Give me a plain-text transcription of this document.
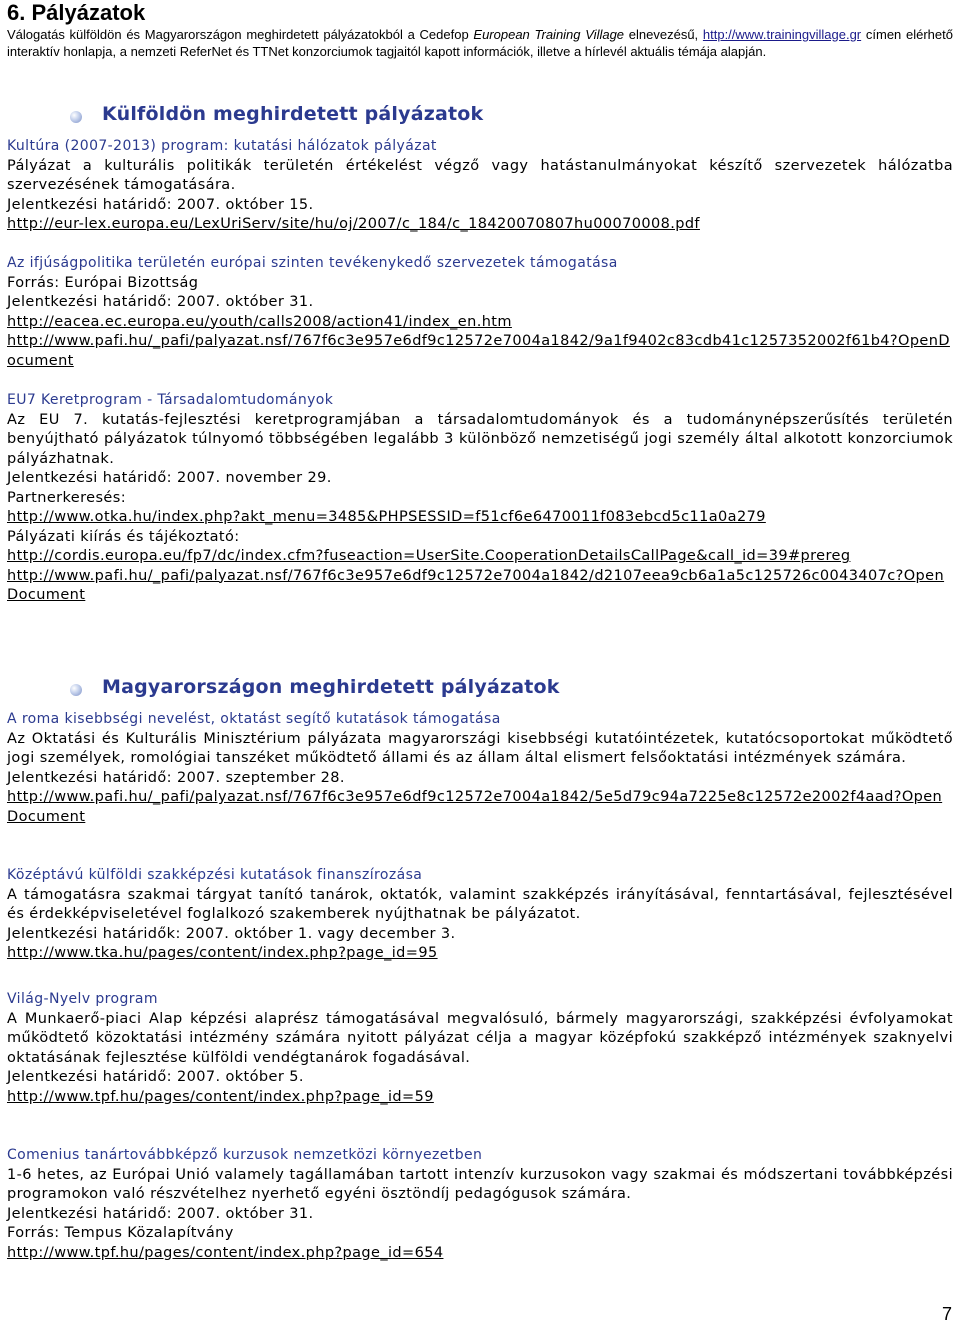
6. Pályázatok
Válogatás külföldön és Magyarországon meghirdetett pályázatokból a Cedefop European Training Village elnevezésű, http://www.trainingvillage.gr címen elérhető interaktív honlapja, a nemzeti ReferNet és TTNet konzorciumok tagjaitól kapott információk, illetve a hírlevél aktuális témája alapján.
Külföldön meghirdetett pályázatok

Kultúra (2007-2013) program: kutatási hálózatok pályázat

Pályázat a kulturális politikák területén értékelést végző vagy hatástanulmányokat készítő szervezetek hálózatba szervezésének támogatására.

Jelentkezési határidő: 2007. október 15.

http://eur-lex.europa.eu/LexUriServ/site/hu/oj/2007/c_184/c_18420070807hu00070008.pdf

Az ifjúságpolitika területén európai szinten tevékenykedő szervezetek támogatása

Forrás: Európai Bizottság

Jelentkezési határidő: 2007. október 31.

http://eacea.ec.europa.eu/youth/calls2008/action41/index_en.htm

http://www.pafi.hu/_pafi/palyazat.nsf/767f6c3e957e6df9c12572e7004a1842/9a1f9402c83cdb41c1257352002f61b4?OpenDocument

EU7 Keretprogram - Társadalomtudományok

Az EU 7. kutatás-fejlesztési keretprogramjában a társadalomtudományok és a tudománynépszerűsítés területén benyújtható pályázatok túlnyomó többségében legalább 3 különböző nemzetiségű jogi személy által alkotott konzorciumok pályázhatnak.

Jelentkezési határidő: 2007. november 29.

Partnerkeresés:

http://www.otka.hu/index.php?akt_menu=3485&PHPSESSID=f51cf6e6470011f083ebcd5c11a0a279

Pályázati kiírás és tájékoztató:

http://cordis.europa.eu/fp7/dc/index.cfm?fuseaction=UserSite.CooperationDetailsCallPage&call_id=39#prereg

http://www.pafi.hu/_pafi/palyazat.nsf/767f6c3e957e6df9c12572e7004a1842/d2107eea9cb6a1a5c125726c0043407c?OpenDocument

Magyarországon meghirdetett pályázatok

A roma kisebbségi nevelést, oktatást segítő kutatások támogatása

Az Oktatási és Kulturális Minisztérium pályázata magyarországi kisebbségi kutatóintézetek, kutatócsoportokat működtető jogi személyek, romológiai tanszéket működtető állami és az állam által elismert felsőoktatási intézmények számára.

Jelentkezési határidő: 2007. szeptember 28.

http://www.pafi.hu/_pafi/palyazat.nsf/767f6c3e957e6df9c12572e7004a1842/5e5d79c94a7225e8c12572e2002f4aad?OpenDocument

Középtávú külföldi szakképzési kutatások finanszírozása

A támogatásra szakmai tárgyat tanító tanárok, oktatók, valamint szakképzés irányításával, fenntartásával, fejlesztésével és érdekképviseletével foglalkozó szakemberek nyújthatnak be pályázatot.

Jelentkezési határidők: 2007. október 1. vagy december 3.

http://www.tka.hu/pages/content/index.php?page_id=95

Világ-Nyelv program

A Munkaerő-piaci Alap képzési alaprész támogatásával megvalósuló, bármely magyarországi, szakképzési évfolyamokat működtető közoktatási intézmény számára nyitott pályázat célja a magyar középfokú szakképző intézmények szaknyelvi oktatásának fejlesztése külföldi vendégtanárok fogadásával.

Jelentkezési határidő: 2007. október 5.

http://www.tpf.hu/pages/content/index.php?page_id=59

Comenius tanártovábbképző kurzusok nemzetközi környezetben

1-6 hetes, az Európai Unió valamely tagállamában tartott intenzív kurzusokon vagy szakmai és módszertani továbbképzési programokon való részvételhez nyerhető egyéni ösztöndíj pedagógusok számára.

Jelentkezési határidő: 2007. október 31.

Forrás: Tempus Közalapítvány

http://www.tpf.hu/pages/content/index.php?page_id=654

7
